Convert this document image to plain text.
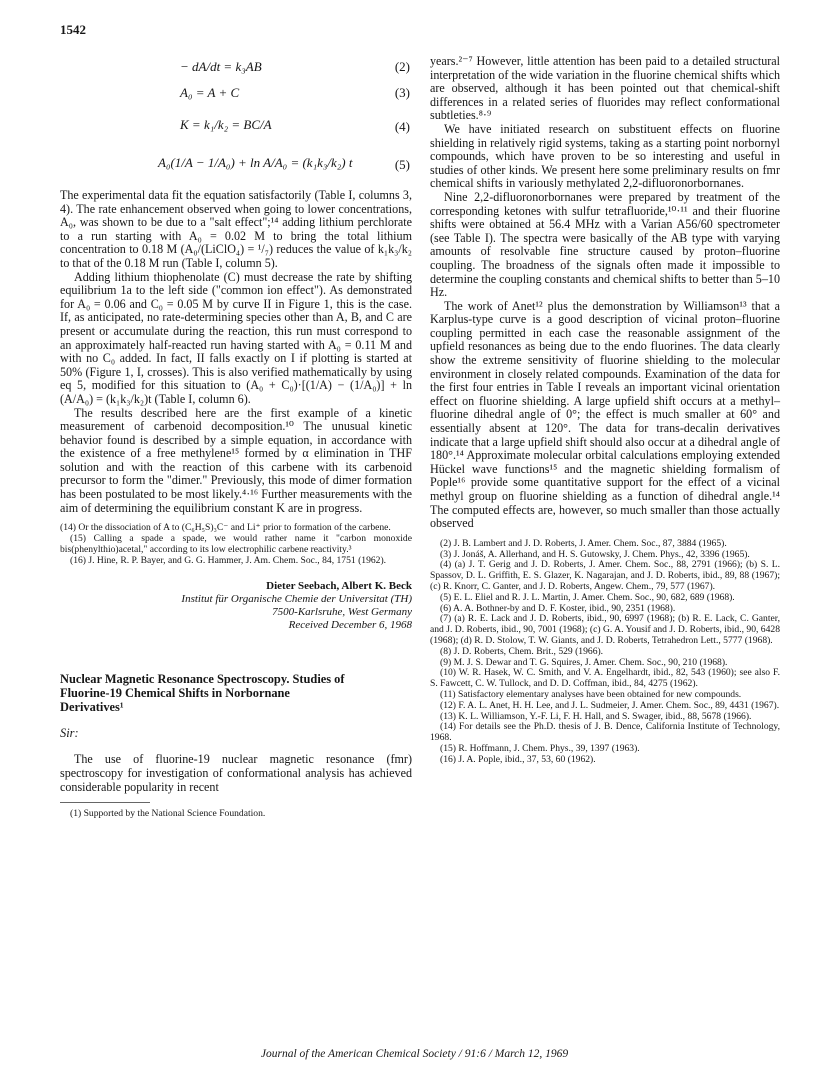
1542
− dA/dt = k₃AB	(2)
A₀ = A + C	(3)
K = k₁/k₂ = BC/A	(4)
A₀(1/A − 1/A₀) + ln A/A₀ = (k₁k₃/k₂) t	(5)

The experimental data fit the equation satisfactorily (Table I, columns 3, 4). The rate enhancement observed when going to lower concentrations, A₀, was shown to be due to a "salt effect";¹⁴ adding lithium perchlorate to a run starting with A₀ = 0.02 M to bring the total lithium concentration to 0.18 M (A₀/(LiClO₄) = ¹/₇) reduces the value of k₁k₃/k₂ to that of the 0.18 M run (Table I, column 5).

Adding lithium thiophenolate (C) must decrease the rate by shifting equilibrium 1a to the left side ("common ion effect"). As demonstrated for A₀ = 0.06 and C₀ = 0.05 M by curve II in Figure 1, this is the case. If, as anticipated, no rate-determining species other than A, B, and C are present or accumulate during the reaction, this run must correspond to an approximately half-reacted run having started with A₀ = 0.11 M and with no C₀ added. In fact, II falls exactly on I if plotting is started at 50% (Figure 1, I, crosses). This is also verified mathematically by using eq 5, modified for this situation to (A₀ + C₀)·[(1/A) − (1/A₀)] + ln (A/A₀) = (k₁k₃/k₂)t (Table I, column 6).

The results described here are the first example of a kinetic measurement of carbenoid decomposition.¹⁰ The unusual kinetic behavior found is described by a simple equation, in accordance with the existence of a free methylene¹⁵ formed by α elimination in THF solution and with the reaction of this carbene with its carbenoid precursor to form the "dimer." Previously, this mode of dimer formation has been postulated to be most likely.⁴·¹⁶ Further measurements with the aim of determining the equilibrium constant K are in progress.

(14) Or the dissociation of A to (C₆H₅S)₃C⁻ and Li⁺ prior to formation of the carbene.

(15) Calling a spade a spade, we would rather name it "carbon monoxide bis(phenylthio)acetal," according to its low electrophilic carbene reactivity.³

(16) J. Hine, R. P. Bayer, and G. G. Hammer, J. Am. Chem. Soc., 84, 1751 (1962).

Dieter Seebach, Albert K. Beck
Institut für Organische Chemie der Universitat (TH)
7500-Karlsruhe, West Germany
Received December 6, 1968
Nuclear Magnetic Resonance Spectroscopy. Studies of Fluorine-19 Chemical Shifts in Norbornane Derivatives¹
Sir:

The use of fluorine-19 nuclear magnetic resonance (fmr) spectroscopy for investigation of conformational analysis has achieved considerable popularity in recent

(1) Supported by the National Science Foundation.

years.²⁻⁷ However, little attention has been paid to a detailed structural interpretation of the wide variation in the fluorine chemical shifts which are observed, although it has been pointed out that chemical-shift differences in a related series of fluorides may reflect conformational subtleties.⁸·⁹

We have initiated research on substituent effects on fluorine shielding in relatively rigid systems, taking as a starting point norbornyl compounds, which have proven to be so interesting and useful in studies of other kinds. We present here some preliminary results on fmr chemical shifts in variously methylated 2,2-difluoronorbornanes.

Nine 2,2-difluoronorbornanes were prepared by treatment of the corresponding ketones with sulfur tetrafluoride,¹⁰·¹¹ and their fluorine shifts were obtained at 56.4 MHz with a Varian A56/60 spectrometer (see Table I). The spectra were basically of the AB type with varying amounts of resolvable fine structure caused by proton–fluorine coupling. The broadness of the signals often made it impossible to determine the coupling constants and chemical shifts to better than 5–10 Hz.

The work of Anet¹² plus the demonstration by Williamson¹³ that a Karplus-type curve is a good description of vicinal proton–fluorine coupling permitted in each case the reasonable assignment of the upfield resonances as being due to the endo fluorines. The data clearly show the extreme sensitivity of fluorine shielding to the molecular environment in closely related compounds. Examination of the data for the first four entries in Table I reveals an important vicinal orientation effect on fluorine shielding. A large upfield shift occurs at a methyl–fluorine dihedral angle of 0°; the effect is much smaller at 60° and essentially absent at 120°. The data for trans-decalin derivatives indicate that a large upfield shift should also occur at a dihedral angle of 180°.¹⁴ Approximate molecular orbital calculations employing extended Hückel wave functions¹⁵ and the magnetic shielding formalism of Pople¹⁶ provide some quantitative support for the effect of a vicinal methyl group on fluorine shielding as a function of dihedral angle.¹⁴ The computed effects are, however, so much smaller than those actually observed

(2) J. B. Lambert and J. D. Roberts, J. Amer. Chem. Soc., 87, 3884 (1965).

(3) J. Jonáš, A. Allerhand, and H. S. Gutowsky, J. Chem. Phys., 42, 3396 (1965).

(4) (a) J. T. Gerig and J. D. Roberts, J. Amer. Chem. Soc., 88, 2791 (1966); (b) S. L. Spassov, D. L. Griffith, E. S. Glazer, K. Nagarajan, and J. D. Roberts, ibid., 89, 88 (1967); (c) R. Knorr, C. Ganter, and J. D. Roberts, Angew. Chem., 79, 577 (1967).

(5) E. L. Eliel and R. J. L. Martin, J. Amer. Chem. Soc., 90, 682, 689 (1968).

(6) A. A. Bothner-by and D. F. Koster, ibid., 90, 2351 (1968).

(7) (a) R. E. Lack and J. D. Roberts, ibid., 90, 6997 (1968); (b) R. E. Lack, C. Ganter, and J. D. Roberts, ibid., 90, 7001 (1968); (c) G. A. Yousif and J. D. Roberts, ibid., 90, 6428 (1968); (d) R. D. Stolow, T. W. Giants, and J. D. Roberts, Tetrahedron Lett., 5777 (1968).

(8) J. D. Roberts, Chem. Brit., 529 (1966).

(9) M. J. S. Dewar and T. G. Squires, J. Amer. Chem. Soc., 90, 210 (1968).

(10) W. R. Hasek, W. C. Smith, and V. A. Engelhardt, ibid., 82, 543 (1960); see also F. S. Fawcett, C. W. Tullock, and D. D. Coffman, ibid., 84, 4275 (1962).

(11) Satisfactory elementary analyses have been obtained for new compounds.

(12) F. A. L. Anet, H. H. Lee, and J. L. Sudmeier, J. Amer. Chem. Soc., 89, 4431 (1967).

(13) K. L. Williamson, Y.-F. Li, F. H. Hall, and S. Swager, ibid., 88, 5678 (1966).

(14) For details see the Ph.D. thesis of J. B. Dence, California Institute of Technology, 1968.

(15) R. Hoffmann, J. Chem. Phys., 39, 1397 (1963).

(16) J. A. Pople, ibid., 37, 53, 60 (1962).

Journal of the American Chemical Society / 91:6 / March 12, 1969
